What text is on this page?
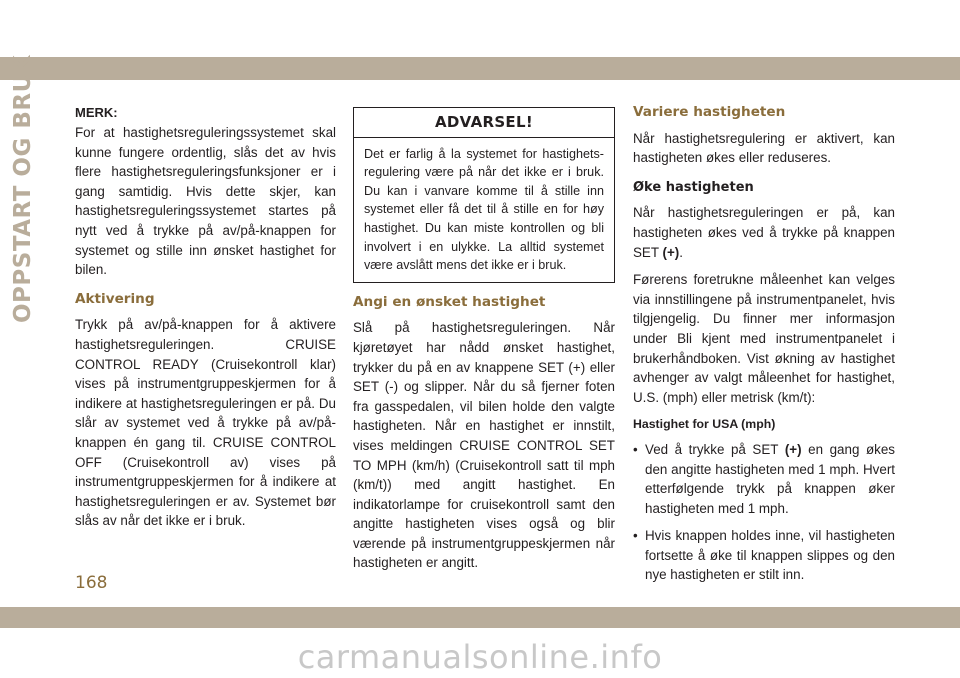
OPPSTART OG BRUK	MERK:

For at hastighetsreguleringssystemet skal kunne fungere ordentlig, slås det av hvis flere hastighetsreguleringsfunksjoner er i gang samtidig. Hvis dette skjer, kan hastighetsreguleringssystemet startes på nytt ved å trykke på av/på-knappen for systemet og stille inn ønsket hastighet for bilen.

Aktivering

Trykk på av/på-knappen for å aktivere hastighetsreguleringen. CRUISE CONTROL READY (Cruisekontroll klar) vises på instrumentgruppeskjermen for å indikere at hastighetsreguleringen er på. Du slår av systemet ved å trykke på av/på-knappen én gang til. CRUISE CONTROL OFF (Cruisekontroll av) vises på instrumentgruppeskjermen for å indikere at hastighetsreguleringen er av. Systemet bør slås av når det ikke er i bruk.

ADVARSEL!
Det er farlig å la systemet for hastighetsregulering være på når det ikke er i bruk. Du kan i vanvare komme til å stille inn systemet eller få det til å stille en for høy hastighet. Du kan miste kontrollen og bli involvert i en ulykke. La alltid systemet være avslått mens det ikke er i bruk.
Angi en ønsket hastighet

Slå på hastighetsreguleringen. Når kjøretøyet har nådd ønsket hastighet, trykker du på en av knappene SET (+) eller SET (-) og slipper. Når du så fjerner foten fra gasspedalen, vil bilen holde den valgte hastigheten. Når en hastighet er innstilt, vises meldingen CRUISE CONTROL SET TO MPH (km/h) (Cruisekontroll satt til mph (km/t)) med angitt hastighet. En indikatorlampe for cruisekontroll samt den angitte hastigheten vises også og blir værende på instrumentgruppeskjermen når hastigheten er angitt.

Variere hastigheten

Når hastighetsregulering er aktivert, kan hastigheten økes eller reduseres.

Øke hastigheten

Når hastighetsreguleringen er på, kan hastigheten økes ved å trykke på knappen SET (+).

Førerens foretrukne måleenhet kan velges via innstillingene på instrumentpanelet, hvis tilgjengelig. Du finner mer informasjon under Bli kjent med instrumentpanelet i brukerhåndboken. Vist økning av hastighet avhenger av valgt måleenhet for hastighet, U.S. (mph) eller metrisk (km/t):

Hastighet for USA (mph)
• Ved å trykke på SET (+) en gang økes den angitte hastigheten med 1 mph. Hvert etterfølgende trykk på knappen øker hastigheten med 1 mph.
• Hvis knappen holdes inne, vil hastigheten fortsette å øke til knappen slippes og den nye hastigheten er stilt inn.
168
carmanualsonline.info
